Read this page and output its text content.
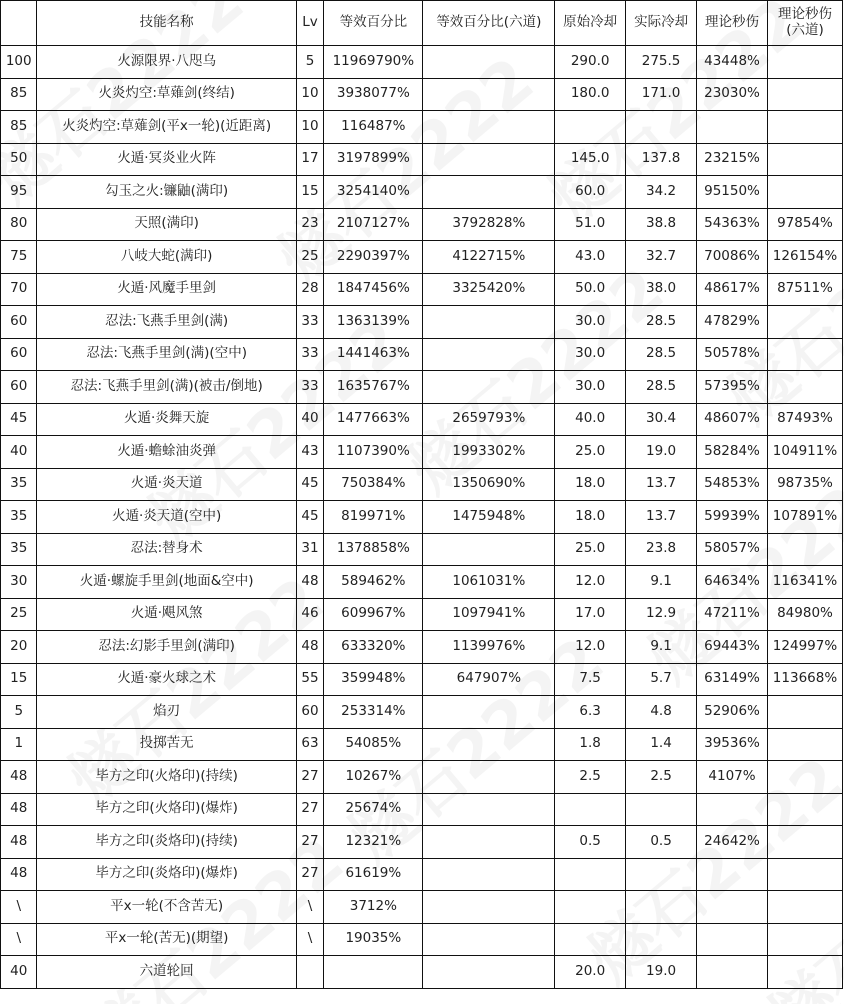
	技能名称	Lv	等效百分比	等效百分比(六道)	原始冷却	实际冷却	理论秒伤	理论秒伤
(六道)

100	火源限界·八咫乌	5	11969790%		290.0	275.5	43448%	
85	火炎灼空:草薙剑(终结)	10	3938077%		180.0	171.0	23030%	
85	火炎灼空:草薙剑(平x一轮)(近距离)	10	116487%					
50	火遁·冥炎业火阵	17	3197899%		145.0	137.8	23215%	
95	勾玉之火:镰鼬(满印)	15	3254140%		60.0	34.2	95150%	
80	天照(满印)	23	2107127%	3792828%	51.0	38.8	54363%	97854%
75	八岐大蛇(满印)	25	2290397%	4122715%	43.0	32.7	70086%	126154%
70	火遁·风魔手里剑	28	1847456%	3325420%	50.0	38.0	48617%	87511%
60	忍法:飞燕手里剑(满)	33	1363139%		30.0	28.5	47829%	
60	忍法:飞燕手里剑(满)(空中)	33	1441463%		30.0	28.5	50578%	
60	忍法:飞燕手里剑(满)(被击/倒地)	33	1635767%		30.0	28.5	57395%	
45	火遁·炎舞天旋	40	1477663%	2659793%	40.0	30.4	48607%	87493%
40	火遁·蟾蜍油炎弹	43	1107390%	1993302%	25.0	19.0	58284%	104911%
35	火遁·炎天道	45	750384%	1350690%	18.0	13.7	54853%	98735%
35	火遁·炎天道(空中)	45	819971%	1475948%	18.0	13.7	59939%	107891%
35	忍法:替身术	31	1378858%		25.0	23.8	58057%	
30	火遁·螺旋手里剑(地面&空中)	48	589462%	1061031%	12.0	9.1	64634%	116341%
25	火遁·飓风煞	46	609967%	1097941%	17.0	12.9	47211%	84980%
20	忍法:幻影手里剑(满印)	48	633320%	1139976%	12.0	9.1	69443%	124997%
15	火遁·豪火球之术	55	359948%	647907%	7.5	5.7	63149%	113668%
5	焰刃	60	253314%		6.3	4.8	52906%	
1	投掷苦无	63	54085%		1.8	1.4	39536%	
48	毕方之印(火烙印)(持续)	27	10267%		2.5	2.5	4107%	
48	毕方之印(火烙印)(爆炸)	27	25674%					
48	毕方之印(炎烙印)(持续)	27	12321%		0.5	0.5	24642%	
48	毕方之印(炎烙印)(爆炸)	27	61619%					
\	平x一轮(不含苦无)	\	3712%					
\	平x一轮(苦无)(期望)	\	19035%					
40	六道轮回				20.0	19.0		
